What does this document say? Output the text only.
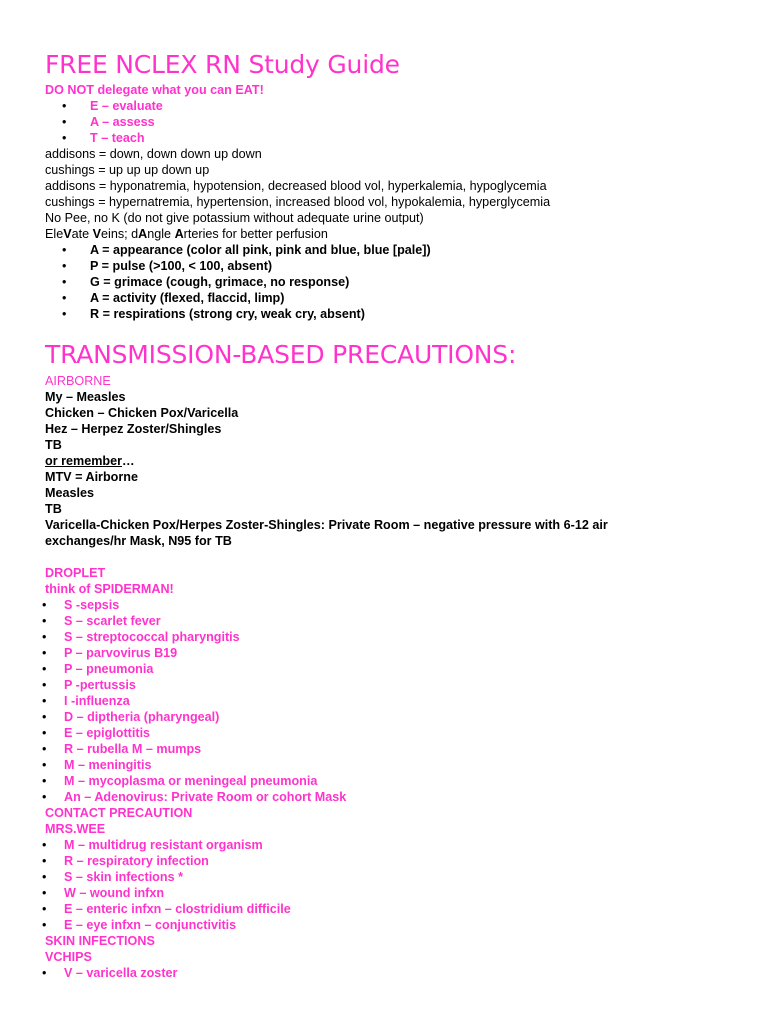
FREE NCLEX RN Study Guide
DO NOT delegate what you can EAT!
• E – evaluate
• A – assess
• T – teach
addisons = down, down down up down
cushings = up up up down up
addisons = hyponatremia, hypotension, decreased blood vol, hyperkalemia, hypoglycemia
cushings = hypernatremia, hypertension, increased blood vol, hypokalemia, hyperglycemia
No Pee, no K (do not give potassium without adequate urine output)
EleVate Veins; dAngle Arteries for better perfusion
• A = appearance (color all pink, pink and blue, blue [pale])
• P = pulse (>100, < 100, absent)
• G = grimace (cough, grimace, no response)
• A = activity (flexed, flaccid, limp)
• R = respirations (strong cry, weak cry, absent)
TRANSMISSION-BASED PRECAUTIONS:
AIRBORNE
My – Measles
Chicken – Chicken Pox/Varicella
Hez – Herpez Zoster/Shingles
TB
or remember…
MTV = Airborne
Measles
TB
Varicella-Chicken Pox/Herpes Zoster-Shingles: Private Room – negative pressure with 6-12 air exchanges/hr Mask, N95 for TB
DROPLET
think of SPIDERMAN!
• S -sepsis
• S – scarlet fever
• S – streptococcal pharyngitis
• P – parvovirus B19
• P – pneumonia
• P -pertussis
• I -influenza
• D – diptheria (pharyngeal)
• E – epiglottitis
• R – rubella M – mumps
• M – meningitis
• M – mycoplasma or meningeal pneumonia
• An – Adenovirus: Private Room or cohort Mask
CONTACT PRECAUTION
MRS.WEE
• M – multidrug resistant organism
• R – respiratory infection
• S – skin infections *
• W – wound infxn
• E – enteric infxn – clostridium difficile
• E – eye infxn – conjunctivitis
SKIN INFECTIONS
VCHIPS
• V – varicella zoster
